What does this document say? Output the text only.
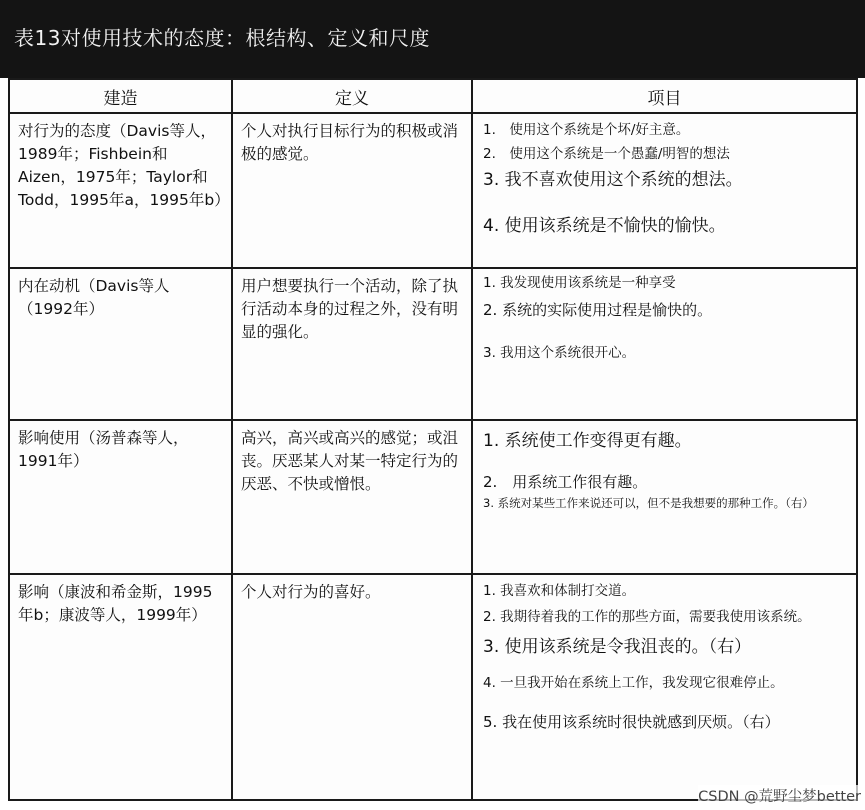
表13对使用技术的态度：根结构、定义和尺度
建造	定义	项目

对行为的态度（Davis等人，1989年；Fishbein和Aizen，1975年；Taylor和Todd，1995年a，1995年b）	个人对执行目标行为的积极或消极的感觉。	1.　使用这个系统是个坏/好主意。
2.　使用这个系统是一个愚蠢/明智的想法
3. 我不喜欢使用这个系统的想法。
4. 使用该系统是不愉快的愉快。

内在动机（Davis等人（1992年）	用户想要执行一个活动，除了执行活动本身的过程之外，没有明显的强化。	1. 我发现使用该系统是一种享受
2. 系统的实际使用过程是愉快的。
3. 我用这个系统很开心。

影响使用（汤普森等人，1991年）	高兴，高兴或高兴的感觉；或沮丧。厌恶某人对某一特定行为的厌恶、不快或憎恨。	1. 系统使工作变得更有趣。
2.　用系统工作很有趣。
3. 系统对某些工作来说还可以，但不是我想要的那种工作。（右）

影响（康波和希金斯，1995年b；康波等人，1999年）	个人对行为的喜好。	1. 我喜欢和体制打交道。
2. 我期待着我的工作的那些方面，需要我使用该系统。
3. 使用该系统是令我沮丧的。（右）
4. 一旦我开始在系统上工作，我发现它很难停止。
5. 我在使用该系统时很快就感到厌烦。（右）
CSDN @荒野尘梦better
